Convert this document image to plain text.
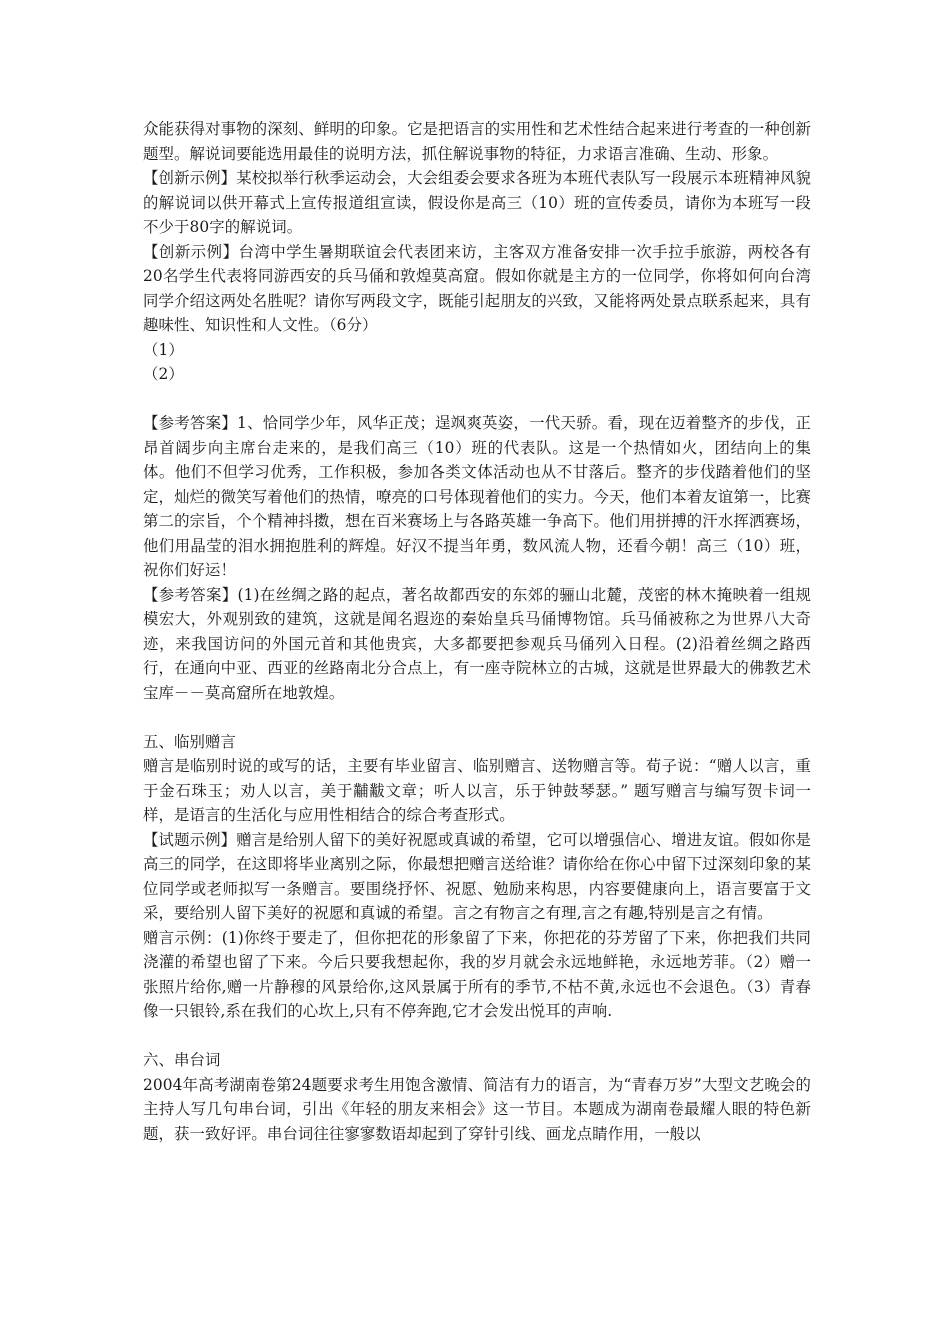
众能获得对事物的深刻、鲜明的印象。它是把语言的实用性和艺术性结合起来进行考查的一种创新题型。解说词要能选用最佳的说明方法，抓住解说事物的特征，力求语言准确、生动、形象。

【创新示例】某校拟举行秋季运动会，大会组委会要求各班为本班代表队写一段展示本班精神风貌的解说词以供开幕式上宣传报道组宣读，假设你是高三（10）班的宣传委员，请你为本班写一段不少于80字的解说词。

【创新示例】台湾中学生暑期联谊会代表团来访，主客双方准备安排一次手拉手旅游，两校各有20名学生代表将同游西安的兵马俑和敦煌莫高窟。假如你就是主方的一位同学，你将如何向台湾同学介绍这两处名胜呢？请你写两段文字，既能引起朋友的兴致，又能将两处景点联系起来，具有趣味性、知识性和人文性。（6分）

（1）

（2）

【参考答案】1、恰同学少年，风华正茂；逞飒爽英姿，一代天骄。看，现在迈着整齐的步伐，正昂首阔步向主席台走来的，是我们高三（10）班的代表队。这是一个热情如火，团结向上的集体。他们不但学习优秀，工作积极，参加各类文体活动也从不甘落后。整齐的步伐踏着他们的坚定，灿烂的微笑写着他们的热情，嘹亮的口号体现着他们的实力。今天，他们本着友谊第一，比赛第二的宗旨，个个精神抖擞，想在百米赛场上与各路英雄一争高下。他们用拼搏的汗水挥洒赛场，他们用晶莹的泪水拥抱胜利的辉煌。好汉不提当年勇，数风流人物，还看今朝！高三（10）班，祝你们好运！

【参考答案】(1)在丝绸之路的起点，著名故都西安的东郊的骊山北麓，茂密的林木掩映着一组规模宏大，外观别致的建筑，这就是闻名遐迩的秦始皇兵马俑博物馆。兵马俑被称之为世界八大奇迹，来我国访问的外国元首和其他贵宾，大多都要把参观兵马俑列入日程。(2)沿着丝绸之路西行，在通向中亚、西亚的丝路南北分合点上，有一座寺院林立的古城，这就是世界最大的佛教艺术宝库－－莫高窟所在地敦煌。

五、临别赠言

赠言是临别时说的或写的话，主要有毕业留言、临别赠言、送物赠言等。荀子说：“赠人以言，重于金石珠玉；劝人以言，美于黼黻文章；听人以言，乐于钟鼓琴瑟。” 题写赠言与编写贺卡词一样，是语言的生活化与应用性相结合的综合考查形式。

【试题示例】赠言是给别人留下的美好祝愿或真诚的希望，它可以增强信心、增进友谊。假如你是高三的同学，在这即将毕业离别之际，你最想把赠言送给谁？请你给在你心中留下过深刻印象的某位同学或老师拟写一条赠言。要围绕抒怀、祝愿、勉励来构思，内容要健康向上，语言要富于文采，要给别人留下美好的祝愿和真诚的希望。言之有物言之有理,言之有趣,特别是言之有情。

赠言示例：(1)你终于要走了，但你把花的形象留了下来，你把花的芬芳留了下来，你把我们共同浇灌的希望也留了下来。今后只要我想起你，我的岁月就会永远地鲜艳，永远地芳菲。（2）赠一张照片给你,赠一片静穆的风景给你,这风景属于所有的季节,不枯不黄,永远也不会退色。（3）青春像一只银铃,系在我们的心坎上,只有不停奔跑,它才会发出悦耳的声响.

六、串台词

2004年高考湖南卷第24题要求考生用饱含激情、简洁有力的语言，为“青春万岁”大型文艺晚会的主持人写几句串台词，引出《年轻的朋友来相会》这一节目。本题成为湖南卷最耀人眼的特色新题，获一致好评。串台词往往寥寥数语却起到了穿针引线、画龙点睛作用，一般以
